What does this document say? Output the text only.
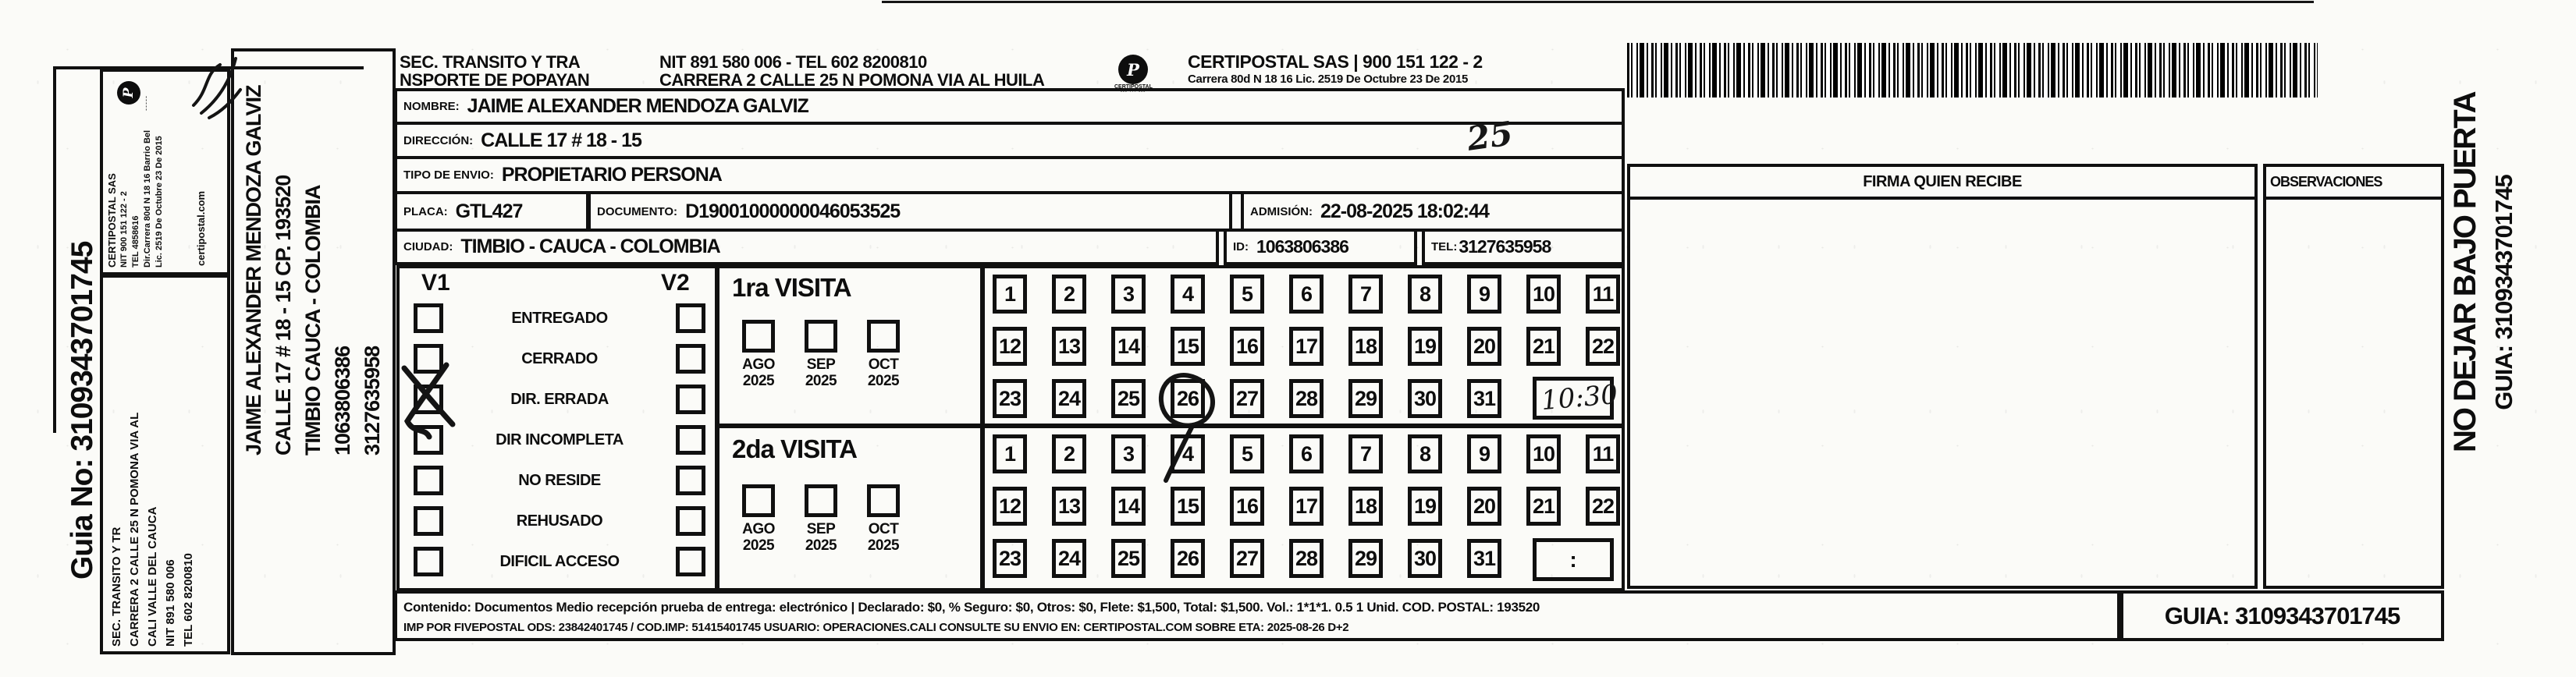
Guia No: 3109343701745
CERTIPOSTAL SAS NIT 900 151 122 - 2 TEL 4858616 Dir.Carrera 80d N 18 16 Barrio Bel Lic. 2519 De Octubre 23 De 2015
P
-----
certipostal.com
SEC. TRANSITO Y TR CARRERA 2 CALLE 25 N POMONA VIA AL CALI VALLE DEL CAUCA NIT 891 580 006 TEL 602 8200810
JAIME ALEXANDER MENDOZA GALVIZ CALLE 17 # 18 - 15 CP. 193520 TIMBIO CAUCA - COLOMBIA 1063806386 3127635958
SEC. TRANSITO Y TRA
NSPORTE DE POPAYAN
NIT 891 580 006 - TEL 602 8200810
CARRERA 2 CALLE 25 N POMONA VIA AL HUILA
P
CERTIPOSTAL
--- ··· ---
CERTIPOSTAL SAS | 900 151 122 - 2
Carrera 80d N 18 16 Lic. 2519 De Octubre 23 De 2015
NOMBRE: JAIME ALEXANDER MENDOZA GALVIZ
DIRECCIÓN: CALLE 17 # 18 - 15	25
TIPO DE ENVIO: PROPIETARIO PERSONA
PLACA: GTL427	DOCUMENTO: D19001000000046053525	ADMISIÓN: 22-08-2025 18:02:44
CIUDAD: TIMBIO - CAUCA - COLOMBIA	ID: 1063806386	TEL: 3127635958
V1	V2
ENTREGADO
CERRADO
DIR. ERRADA
DIR INCOMPLETA
NO RESIDE
REHUSADO
DIFICIL ACCESO
1ra VISITA
AGO
2025
SEP
2025
OCT
2025
2da VISITA
AGO
2025
SEP
2025
OCT
2025
1 2 3 4 5 6 7 8 9 10 11
12 13 14 15 16 17 18 19 20 21 22
23 24 25 26 27 28 29 30 31 10:30
1 2 3 4 5 6 7 8 9 10 11
12 13 14 15 16 17 18 19 20 21 22
23 24 25 26 27 28 29 30 31	:
FIRMA QUIEN RECIBE	OBSERVACIONES
Contenido: Documentos Medio recepción prueba de entrega: electrónico | Declarado: $0, % Seguro: $0, Otros: $0, Flete: $1,500, Total: $1,500. Vol.: 1*1*1. 0.5 1 Unid. COD. POSTAL: 193520
IMP POR FIVEPOSTAL ODS: 23842401745 / COD.IMP: 51415401745 USUARIO: OPERACIONES.CALI CONSULTE SU ENVIO EN: CERTIPOSTAL.COM SOBRE ETA: 2025-08-26 D+2	GUIA: 3109343701745
NO DEJAR BAJO PUERTA GUIA: 3109343701745
